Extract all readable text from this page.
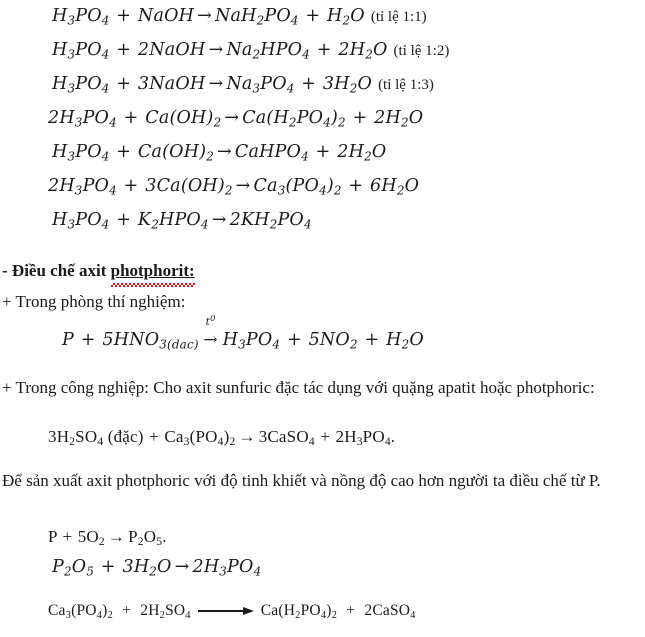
$H_3PO_4$ + NaOH → $NaH_2PO_4 + H_2O$ (tỉ lệ 1:1)
$H_3PO_4$ + 2NaOH → $Na_2HPO_4 + 2H_2O$ (tỉ lệ 1:2)
$H_3PO_4$ + 3NaOH → $Na_3PO_4 + 3H_2O$ (tỉ lệ 1:3)
$2H_3PO_4 + Ca(OH)_2 \to Ca(H_2PO_4)_2 + 2H_2O$
$H_3PO_4 + Ca(OH)_2$ → CaHPO$_4$ + $2H_2O$
$2H_3PO_4 + 3Ca(OH)_2 \to Ca_3(PO_4)_2 + 6H_2O$
$H_3PO_4 + K_2HPO_4 \to 2KH_2PO_4$
- Điều chế axit photphorit:
+ Trong phòng thí nghiệm:
$P + 5HNO_{3(dac)}$
$t^0$
→ $H_3PO_4 + 5NO_2 + H_2O$
+ Trong công nghiệp: Cho axit sunfuric đặc tác dụng với quặng apatit hoặc photphoric:
$3H_2SO_4$ (đặc) + $Ca_3(PO_4)_2$ → 3CaSO$_4$ + $2H_3PO_4$.
Để sản xuất axit photphoric với độ tinh khiết và nồng độ cao hơn người ta điều chế từ P.
$P + 5O_2 \to P_2O_5$.
$P_2O_5 + 3H_2O \to 2H_3PO_4$
$Ca_3(PO_4)_2 + 2H_2SO_4$	$Ca(H_2PO_4)_2$ +  2CaSO$_4$
